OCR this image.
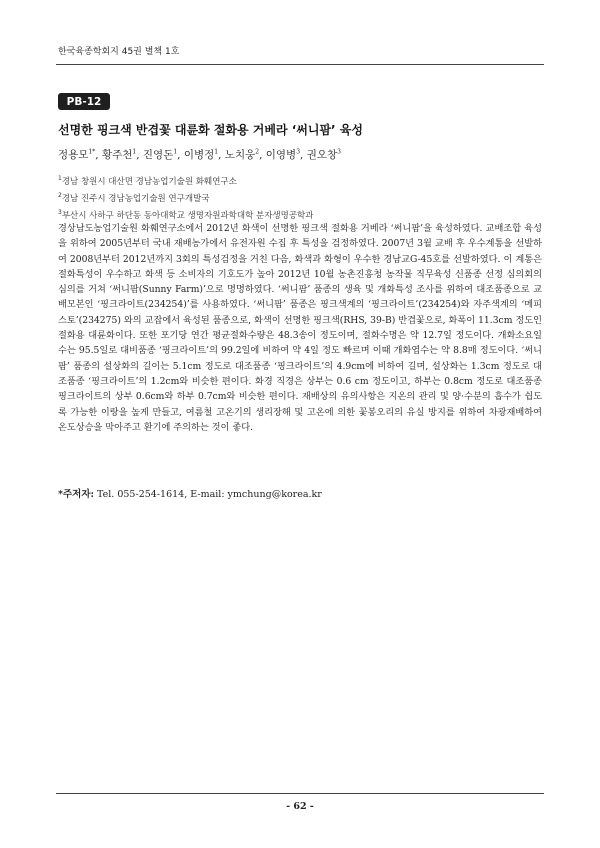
한국육종학회지 45권 별책 1호
PB-12
선명한 핑크색 반겹꽃 대륜화 절화용 거베라 ‘써니팜’ 육성
정용모$^{1*}$, 황주천$^1$, 진영돈$^1$, 이병정$^1$, 노치웅$^2$, 이영병$^3$, 권오창$^3$
$^1$경남 창원시 대산면 경남농업기술원 화훼연구소
$^2$경남 진주시 경남농업기술원 연구개발국
$^3$부산시 사하구 하단동 동아대학교 생명자원과학대학 분자생명공학과

경상남도농업기술원 화훼연구소에서 2012년 화색이 선명한 핑크색 절화용 거베라 ‘써니팜’을 육성하였다. 교배조합 육성을 위하여 2005년부터 국내 재배농가에서 유전자원 수집 후 특성을 검정하였다. 2007년 3월 교배 후 우수계통을 선발하여 2008년부터 2012년까지 3회의 특성검정을 거친 다음, 화색과 화형이 우수한 경남교G-45호를 선발하였다. 이 계통은 절화특성이 우수하고 화색 등 소비자의 기호도가 높아 2012년 10월 농촌진흥청 농작물 직무육성 신품종 선정 심의회의 심의를 거쳐 ‘써니팜(Sunny Farm)’으로 명명하였다. ‘써니팜’ 품종의 생육 및 개화특성 조사를 위하여 대조품종으로 교배모본인 ‘핑크라이트(234254)’를 사용하였다. ‘써니팜’ 품종은 핑크색계의 ‘핑크라이트’(234254)와 자주색계의 ‘메피스토’(234275) 와의 교잡에서 육성된 품종으로, 화색이 선명한 핑크색(RHS, 39-B) 반겹꽃으로, 화폭이 11.3cm 정도인 절화용 대륜화이다. 또한 포기당 연간 평균절화수량은 48.3송이 정도이며, 절화수명은 약 12.7일 정도이다. 개화소요일수는 95.5일로 대비품종 ‘핑크라이트’의 99.2일에 비하여 약 4일 정도 빠르며 이때 개화엽수는 약 8.8매 정도이다. ‘써니팜’ 품종의 설상화의 길이는 5.1cm 정도로 대조품종 ‘핑크라이트’의 4.9cm에 비하여 길며, 설상화는 1.3cm 정도로 대조품종 ‘핑크라이트’의 1.2cm와 비슷한 편이다. 화경 직경은 상부는 0.6 cm 정도이고, 하부는 0.8cm 정도로 대조품종 핑크라이트의 상부 0.6cm와 하부 0.7cm와 비슷한 편이다. 재배상의 유의사항은 지온의 관리 및 양·수분의 흡수가 쉽도록 가능한 이랑을 높게 만들고, 여름철 고온기의 생리장해 및 고온에 의한 꽃봉오리의 유실 방지를 위하여 차광재배하여 온도상승을 막아주고 환기에 주의하는 것이 좋다.

*주저자: Tel. 055-254-1614, E-mail: ymchung@korea.kr
- 62 -
